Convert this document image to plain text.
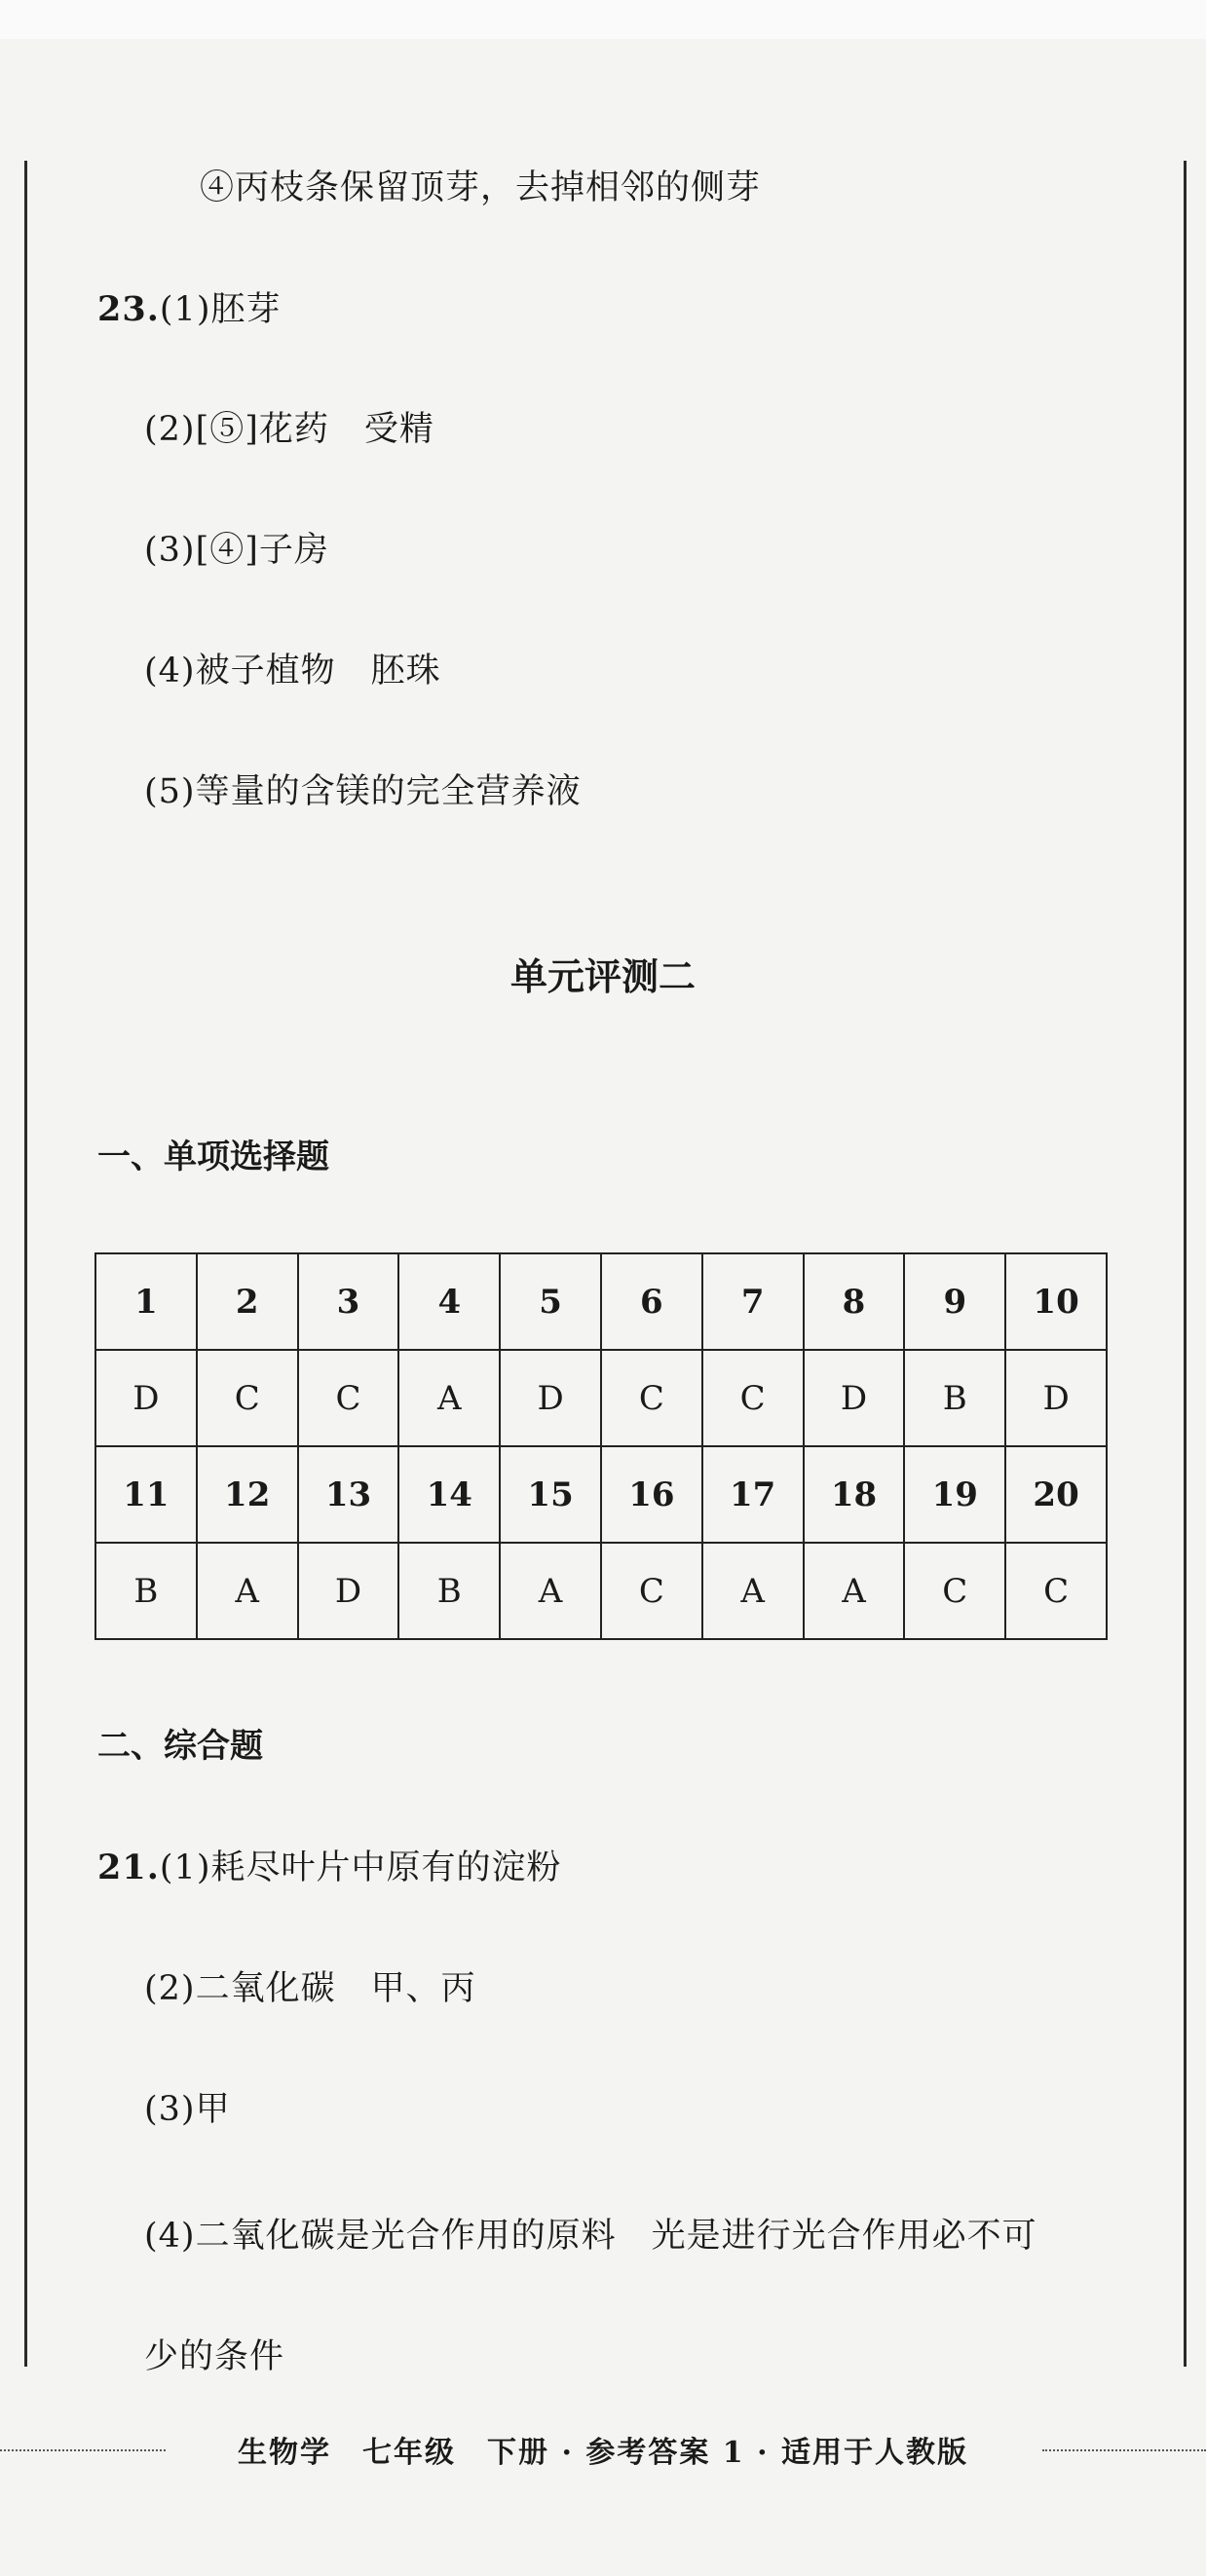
④丙枝条保留顶芽，去掉相邻的侧芽
23.(1)胚芽
(2)[⑤]花药　受精
(3)[④]子房
(4)被子植物　胚珠
(5)等量的含镁的完全营养液
单元评测二
一、单项选择题
1	2	3	4	5	6	7	8	9	10
D	C	C	A	D	C	C	D	B	D
11	12	13	14	15	16	17	18	19	20
B	A	D	B	A	C	A	A	C	C
二、综合题
21.(1)耗尽叶片中原有的淀粉
(2)二氧化碳　甲、丙
(3)甲
(4)二氧化碳是光合作用的原料　光是进行光合作用必不可
少的条件
生物学　七年级　下册 · 参考答案 1 · 适用于人教版
